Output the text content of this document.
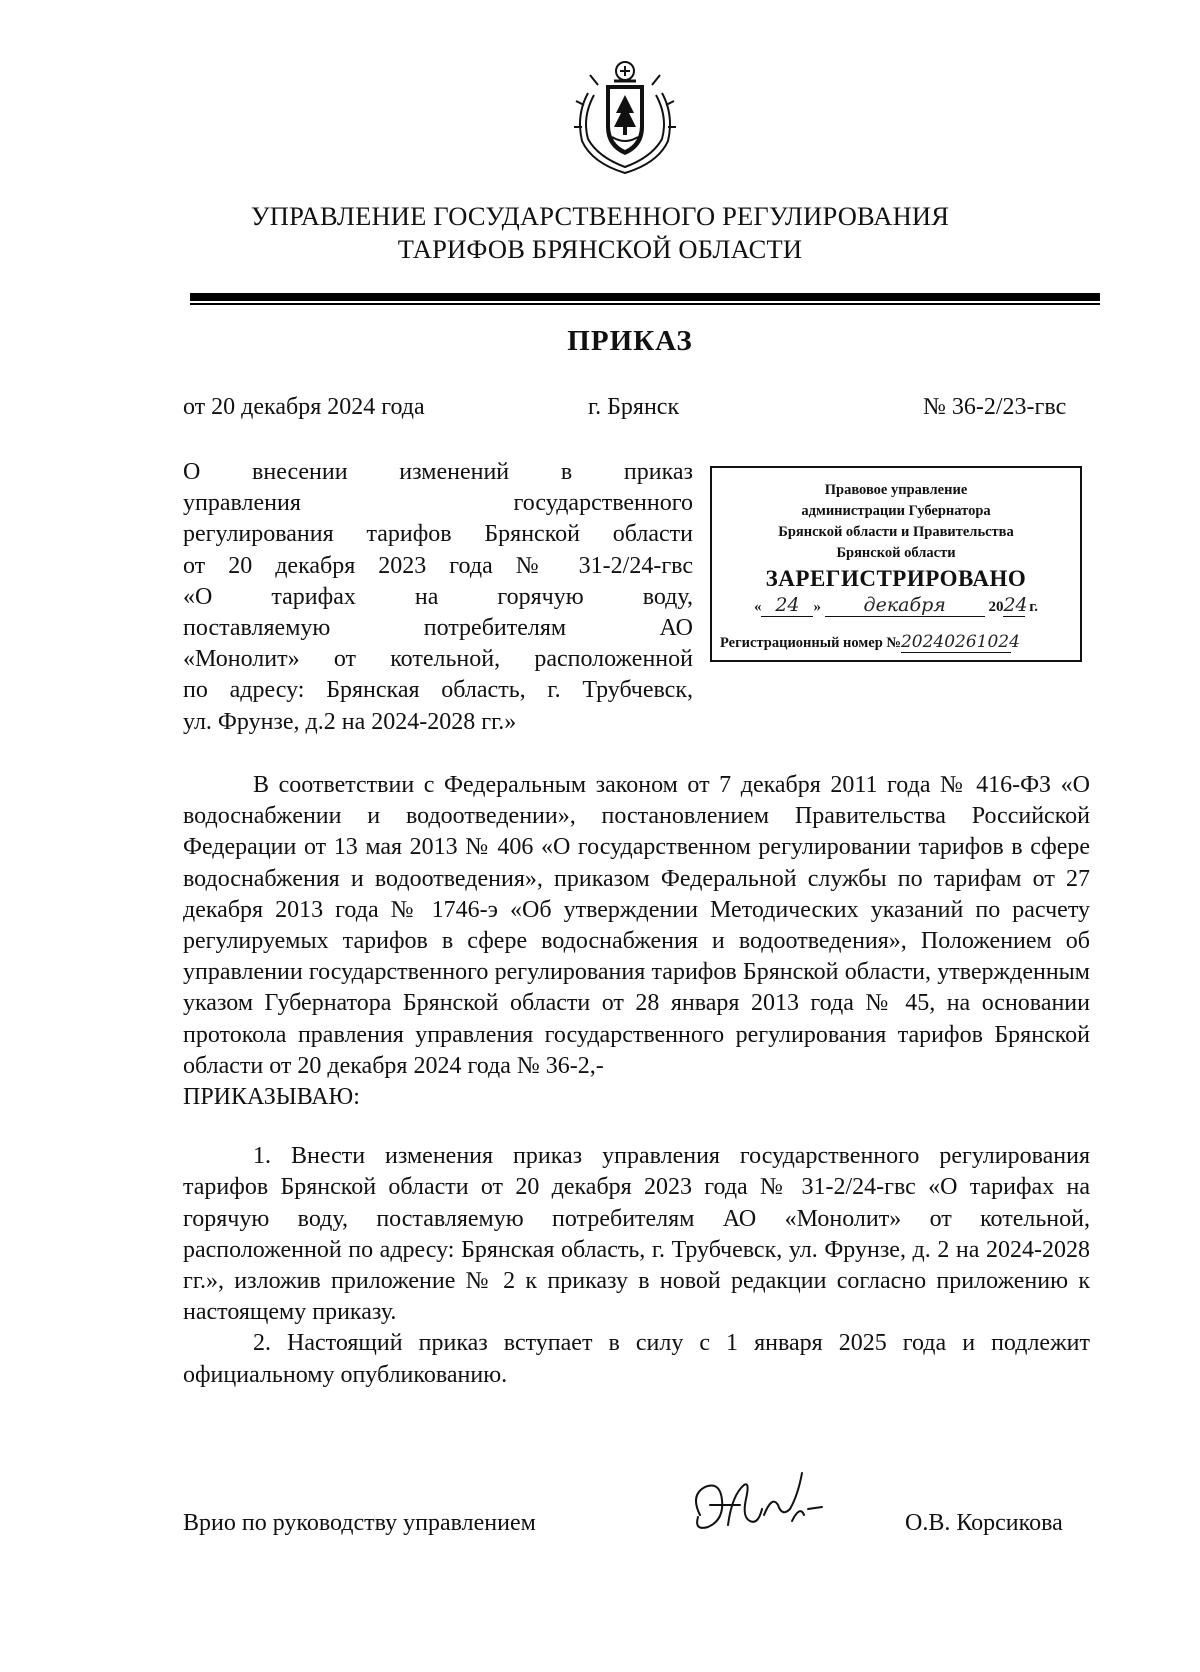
УПРАВЛЕНИЕ ГОСУДАРСТВЕННОГО РЕГУЛИРОВАНИЯ
ТАРИФОВ БРЯНСКОЙ ОБЛАСТИ
ПРИКАЗ
от 20 декабря 2024 года	г. Брянск	№ 36-2/23-гвс
О внесении изменений в приказ
управления государственного
регулирования тарифов Брянской области
от 20 декабря 2023 года № 31-2/24-гвс
«О тарифах на горячую воду,
поставляемую потребителям АО
«Монолит» от котельной, расположенной
по адресу: Брянская область, г. Трубчевск,
ул. Фрунзе, д.2 на 2024-2028 гг.»
Правовое управление
администрации Губернатора
Брянской области и Правительства
Брянской области
ЗАРЕГИСТРИРОВАНО
« 24 » декабря	2024 г.
Регистрационный номер №20240261024

В соответствии с Федеральным законом от 7 декабря 2011 года № 416-ФЗ «О водоснабжении и водоотведении», постановлением Правительства Российской Федерации от 13 мая 2013 № 406 «О государственном регулировании тарифов в сфере водоснабжения и водоотведения», приказом Федеральной службы по тарифам от 27 декабря 2013 года № 1746-э «Об утверждении Методических указаний по расчету регулируемых тарифов в сфере водоснабжения и водоотведения», Положением об управлении государственного регулирования тарифов Брянской области, утвержденным указом Губернатора Брянской области от 28 января 2013 года № 45, на основании протокола правления управления государственного регулирования тарифов Брянской области от 20 декабря 2024 года № 36-2,-

ПРИКАЗЫВАЮ:

1. Внести изменения приказ управления государственного регулирования тарифов Брянской области от 20 декабря 2023 года № 31-2/24-гвс «О тарифах на горячую воду, поставляемую потребителям АО «Монолит» от котельной, расположенной по адресу: Брянская область, г. Трубчевск, ул. Фрунзе, д. 2 на 2024-2028 гг.», изложив приложение № 2 к приказу в новой редакции согласно приложению к настоящему приказу.

2. Настоящий приказ вступает в силу с 1 января 2025 года и подлежит официальному опубликованию.

Врио по руководству управлением	О.В. Корсикова
